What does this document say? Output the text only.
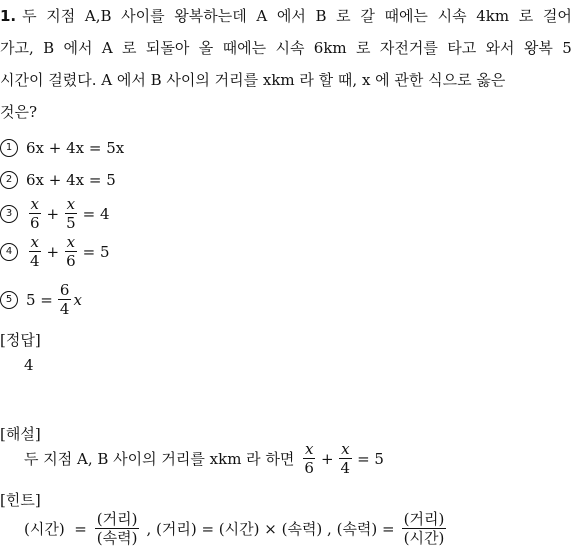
1. 두 지점 A,B 사이를 왕복하는데 A 에서 B 로 갈 때에는 시속 4km 로 걸어
가고, B 에서 A 로 되돌아 올 때에는 시속 6km 로 자전거를 타고 와서 왕복 5
시간이 걸렸다. A 에서 B 사이의 거리를 xkm 라 할 때, x 에 관한 식으로 옳은
것은?
1 6x + 4x = 5x
2 6x + 4x = 5
3	$\frac{x}{6} + \frac{x}{5} = 4$
4	$\frac{x}{4} + \frac{x}{6} = 5$
5 $5 = \frac{6}{4}$ x
[정답]
4
[해설]
두 지점 A, B 사이의 거리를 xkm 라 하면 $\frac{x}{6} + \frac{x}{4} = 5$
[힌트]
(시간)  = $\frac{\text{(거리)}}{\text{(속력)}}$ , (거리) = (시간) × (속력) , (속력) = $\frac{\text{(거리)}}{\text{(시간)}}$
